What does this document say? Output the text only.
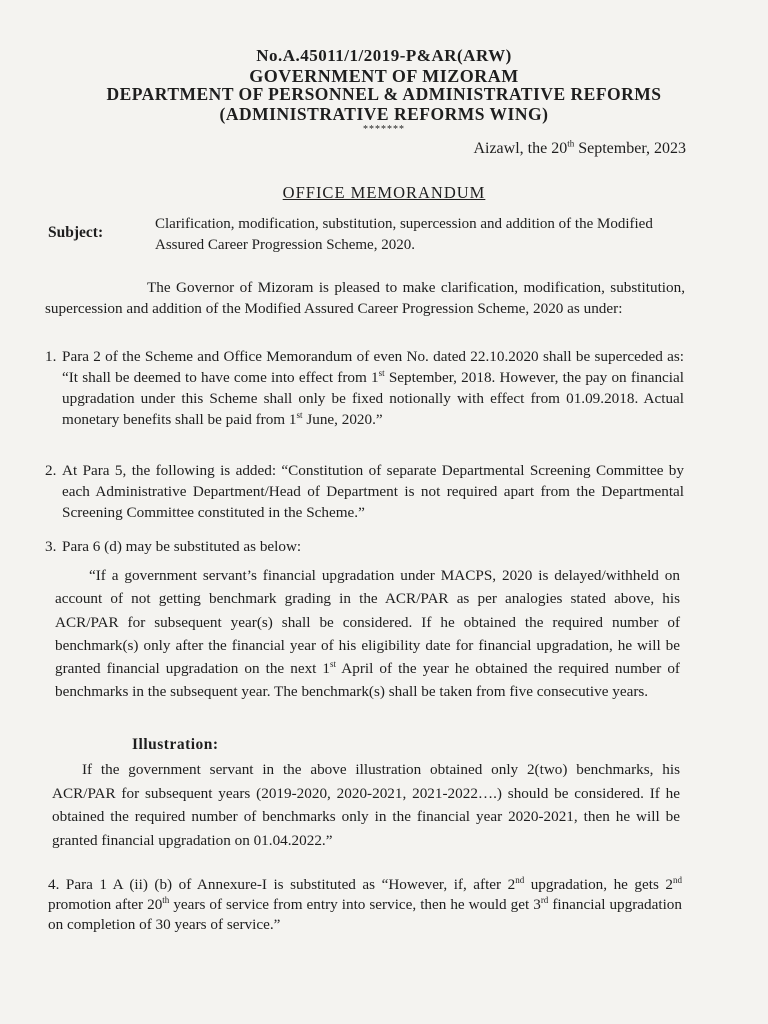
No.A.45011/1/2019-P&AR(ARW)
GOVERNMENT OF MIZORAM
DEPARTMENT OF PERSONNEL & ADMINISTRATIVE REFORMS
(ADMINISTRATIVE REFORMS WING)
*******
Aizawl, the 20th September, 2023
OFFICE MEMORANDUM
Subject:	Clarification, modification, substitution, supercession and addition of the Modified Assured Career Progression Scheme, 2020.
The Governor of Mizoram is pleased to make clarification, modification, substitution, supercession and addition of the Modified Assured Career Progression Scheme, 2020 as under:
1. Para 2 of the Scheme and Office Memorandum of even No. dated 22.10.2020 shall be superceded as: “It shall be deemed to have come into effect from 1st September, 2018. However, the pay on financial upgradation under this Scheme shall only be fixed notionally with effect from 01.09.2018. Actual monetary benefits shall be paid from 1st June, 2020.”
2. At Para 5, the following is added: “Constitution of separate Departmental Screening Committee by each Administrative Department/Head of Department is not required apart from the Departmental Screening Committee constituted in the Scheme.”
3. Para 6 (d) may be substituted as below:
“If a government servant’s financial upgradation under MACPS, 2020 is delayed/withheld on account of not getting benchmark grading in the ACR/PAR as per analogies stated above, his ACR/PAR for subsequent year(s) shall be considered. If he obtained the required number of benchmark(s) only after the financial year of his eligibility date for financial upgradation, he will be granted financial upgradation on the next 1st April of the year he obtained the required number of benchmarks in the subsequent year. The benchmark(s) shall be taken from five consecutive years.
Illustration:
If the government servant in the above illustration obtained only 2(two) benchmarks, his ACR/PAR for subsequent years (2019-2020, 2020-2021, 2021-2022….) should be considered. If he obtained the required number of benchmarks only in the financial year 2020-2021, then he will be granted financial upgradation on 01.04.2022.”
4. Para 1 A (ii) (b) of Annexure-I is substituted as “However, if, after 2nd upgradation, he gets 2nd promotion after 20th years of service from entry into service, then he would get 3rd financial upgradation on completion of 30 years of service.”
